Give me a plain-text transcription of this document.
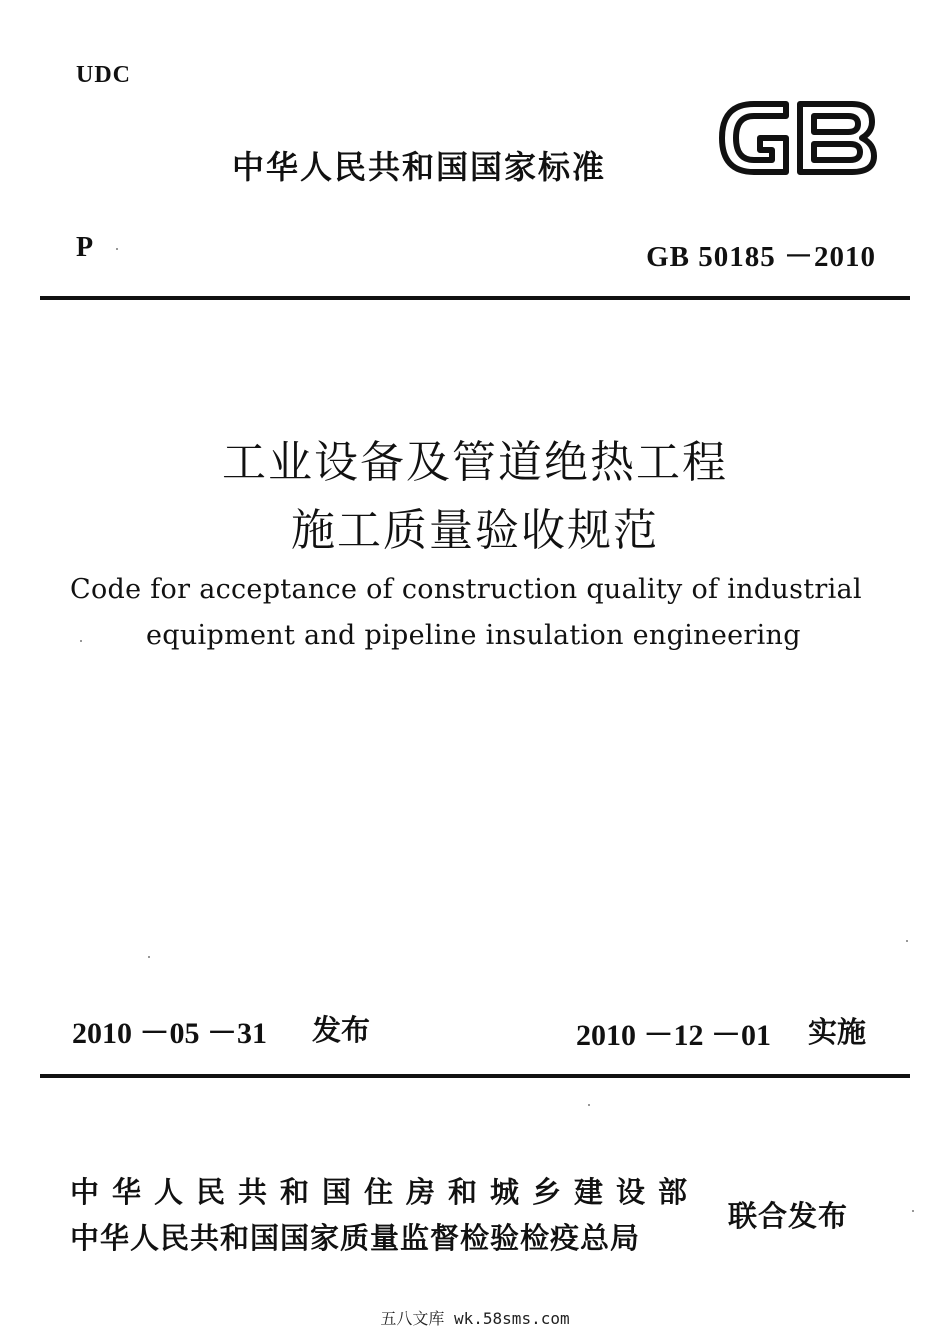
UDC
中华人民共和国国家标准
P	GB 50185 －2010
工业设备及管道绝热工程
施工质量验收规范
Code for acceptance of construction quality of industrial
equipment and pipeline insulation engineering
2010 －05 －31 发布	2010 －12 －01 实施
中华人民共和国住房和城乡建设部
中华人民共和国国家质量监督检验检疫总局
联合发布
五八文库 wk.58sms.com
